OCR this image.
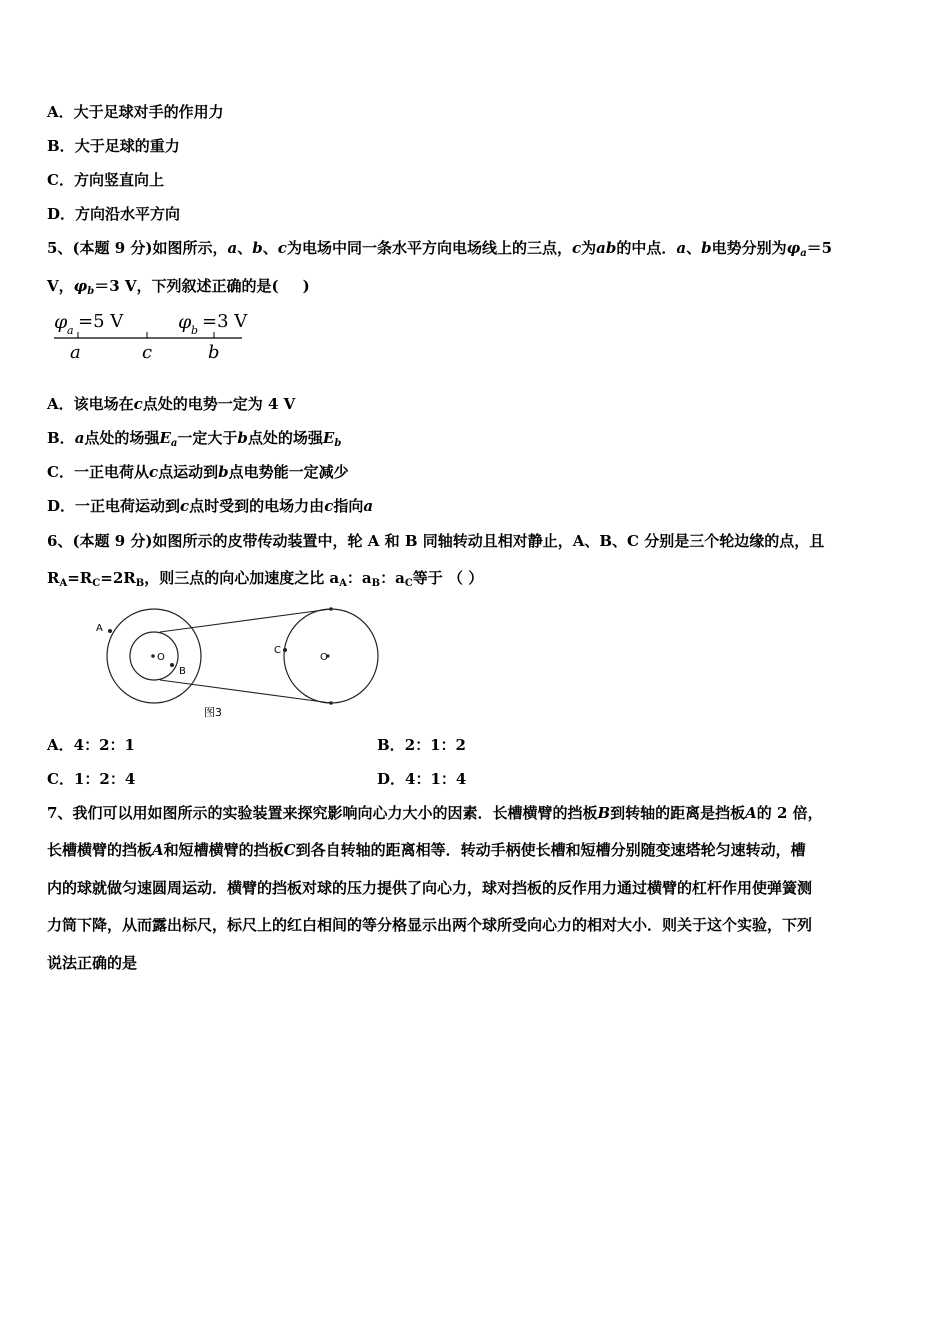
A．大于足球对手的作用力
B．大于足球的重力
C．方向竖直向上
D．方向沿水平方向
5、(本题 9 分)如图所示，a、b、c为电场中同一条水平方向电场线上的三点，c为ab的中点．a、b电势分别为$\varphi_a=5$
V，$\varphi_b=3$ V，下列叙述正确的是( )
φ a =5 V	φ b =3 V
a	c	b
A．该电场在c点处的电势一定为 4 V
B．a点处的场强$E_a$一定大于b点处的场强$E_b$
C．一正电荷从c点运动到b点电势能一定减少
D．一正电荷运动到c点时受到的电场力由c指向a
6、(本题 9 分)如图所示的皮带传动装置中，轮 A 和 B 同轴转动且相对静止，A、B、C 分别是三个轮边缘的点，且
$R_A=R_C=2R_B$，则三点的向心加速度之比 $a_A$：$a_B$：$a_C$等于 （ ）
A
B
C
O	O
图3
A．4：2：1	B．2：1：2
C．1：2：4	D．4：1：4
7、我们可以用如图所示的实验装置来探究影响向心力大小的因素．长槽横臂的挡板B到转轴的距离是挡板A的 2 倍，
长槽横臂的挡板A和短槽横臂的挡板C到各自转轴的距离相等．转动手柄使长槽和短槽分别随变速塔轮匀速转动，槽
内的球就做匀速圆周运动．横臂的挡板对球的压力提供了向心力，球对挡板的反作用力通过横臂的杠杆作用使弹簧测
力筒下降，从而露出标尺，标尺上的红白相间的等分格显示出两个球所受向心力的相对大小．则关于这个实验，下列
说法正确的是
